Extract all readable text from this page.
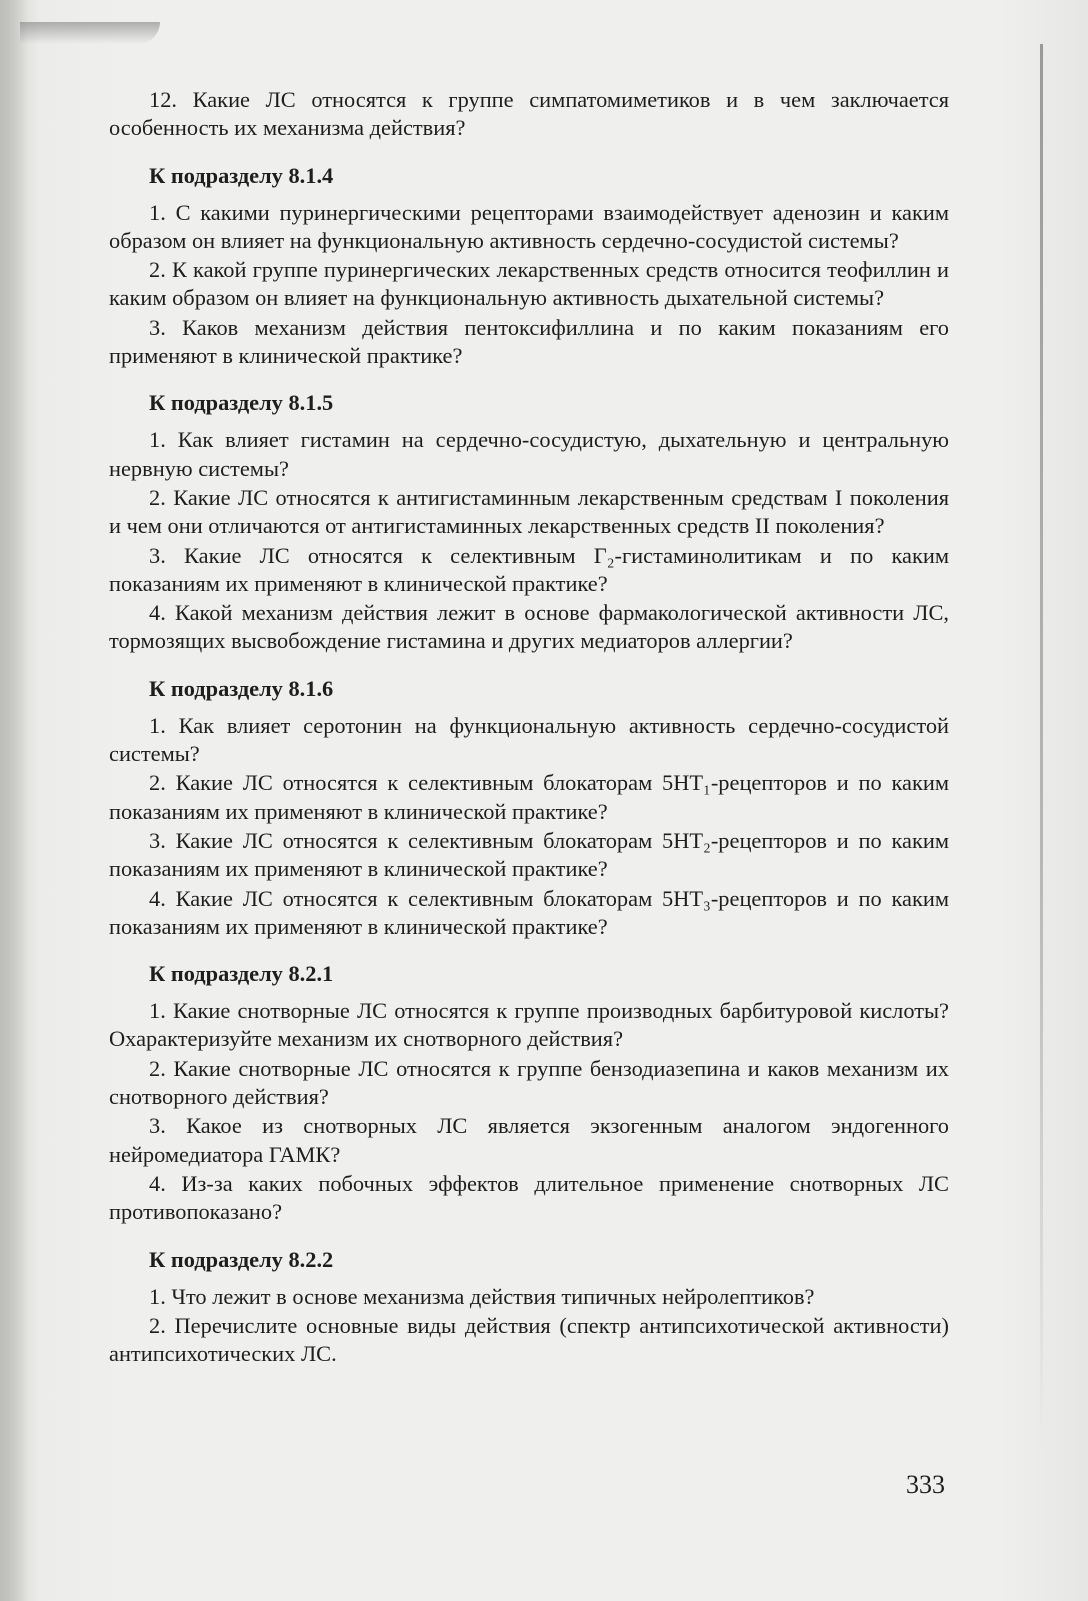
12. Какие ЛС относятся к группе симпатомиметиков и в чем заключается особенность их механизма действия?

К подразделу 8.1.4

1. С какими пуринергическими рецепторами взаимодействует аденозин и каким образом он влияет на функциональную активность сердечно-сосудистой системы?

2. К какой группе пуринергических лекарственных средств относится теофиллин и каким образом он влияет на функциональную активность дыхательной системы?

3. Каков механизм действия пентоксифиллина и по каким показаниям его применяют в клинической практике?

К подразделу 8.1.5

1. Как влияет гистамин на сердечно-сосудистую, дыхательную и центральную нервную системы?

2. Какие ЛС относятся к антигистаминным лекарственным средствам I поколения и чем они отличаются от антигистаминных лекарственных средств II поколения?

3. Какие ЛС относятся к селективным Г₂-гистаминолитикам и по каким показаниям их применяют в клинической практике?

4. Какой механизм действия лежит в основе фармакологической активности ЛС, тормозящих высвобождение гистамина и других медиаторов аллергии?

К подразделу 8.1.6

1. Как влияет серотонин на функциональную активность сердечно-сосудистой системы?

2. Какие ЛС относятся к селективным блокаторам 5HT₁-рецепторов и по каким показаниям их применяют в клинической практике?

3. Какие ЛС относятся к селективным блокаторам 5HT₂-рецепторов и по каким показаниям их применяют в клинической практике?

4. Какие ЛС относятся к селективным блокаторам 5HT₃-рецепторов и по каким показаниям их применяют в клинической практике?

К подразделу 8.2.1

1. Какие снотворные ЛС относятся к группе производных барбитуровой кислоты? Охарактеризуйте механизм их снотворного действия?

2. Какие снотворные ЛС относятся к группе бензодиазепина и каков механизм их снотворного действия?

3. Какое из снотворных ЛС является экзогенным аналогом эндогенного нейромедиатора ГАМК?

4. Из-за каких побочных эффектов длительное применение снотворных ЛС противопоказано?

К подразделу 8.2.2

1. Что лежит в основе механизма действия типичных нейролептиков?

2. Перечислите основные виды действия (спектр антипсихотической активности) антипсихотических ЛС.

333
